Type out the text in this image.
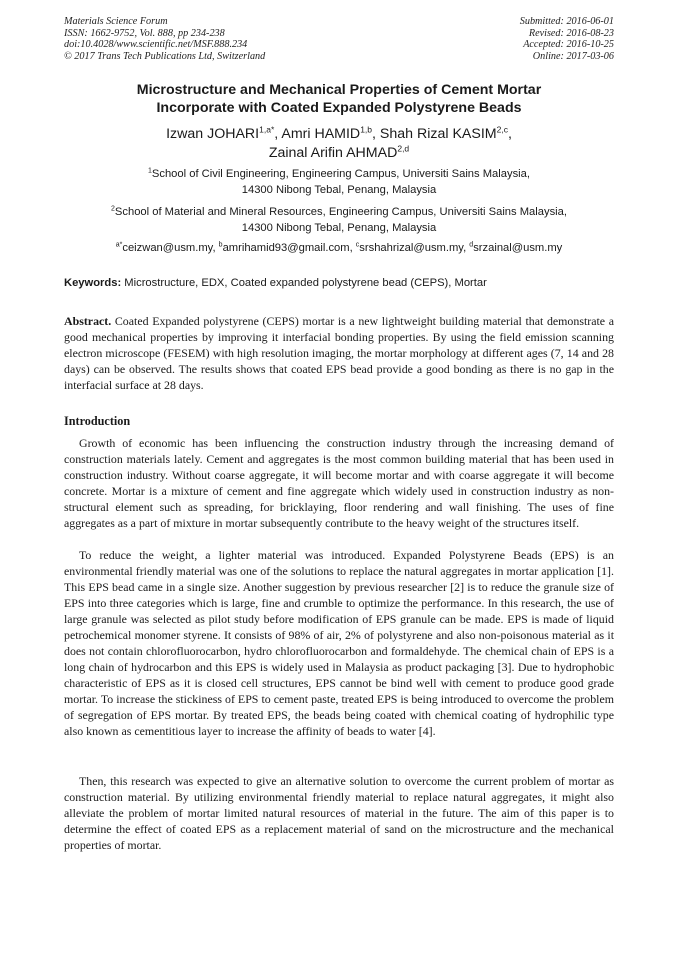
Materials Science Forum
ISSN: 1662-9752, Vol. 888, pp 234-238
doi:10.4028/www.scientific.net/MSF.888.234
© 2017 Trans Tech Publications Ltd, Switzerland
Submitted: 2016-06-01
Revised: 2016-08-23
Accepted: 2016-10-25
Online: 2017-03-06
Microstructure and Mechanical Properties of Cement Mortar
Incorporate with Coated Expanded Polystyrene Beads
Izwan $JOHARI^{1,a*}$, Amri HAMID$^{1,b}$, Shah Rizal KASIM$^{2,c}$,
Zainal Arifin AHMAD$^{2,d}$
$^1$School of Civil Engineering, Engineering Campus, Universiti Sains Malaysia,
14300 Nibong Tebal, Penang, Malaysia
$^2$School of Material and Mineral Resources, Engineering Campus, Universiti Sains Malaysia,
14300 Nibong Tebal, Penang, Malaysia
$^{a*}$ceizwan@usm.my, $^b$amrihamid93@gmail.com, $^c$srshahrizal@usm.my, $^d$srzainal@usm.my
Keywords: Microstructure, EDX, Coated expanded polystyrene bead (CEPS), Mortar
Abstract. Coated Expanded polystyrene (CEPS) mortar is a new lightweight building material that demonstrate a good mechanical properties by improving it interfacial bonding properties. By using the field emission scanning electron microscope (FESEM) with high resolution imaging, the mortar morphology at different ages (7, 14 and 28 days) can be observed. The results shows that coated EPS bead provide a good bonding as there is no gap in the interfacial surface at 28 days.
Introduction

Growth of economic has been influencing the construction industry through the increasing demand of construction materials lately. Cement and aggregates is the most common building material that has been used in construction industry. Without coarse aggregate, it will become mortar and with coarse aggregate it will become concrete. Mortar is a mixture of cement and fine aggregate which widely used in construction industry as non-structural element such as spreading, for bricklaying, floor rendering and wall finishing. The uses of fine aggregates as a part of mixture in mortar subsequently contribute to the heavy weight of the structures itself.

To reduce the weight, a lighter material was introduced. Expanded Polystyrene Beads (EPS) is an environmental friendly material was one of the solutions to replace the natural aggregates in mortar application [1]. This EPS bead came in a single size. Another suggestion by previous researcher [2] is to reduce the granule size of EPS into three categories which is large, fine and crumble to optimize the performance. In this research, the use of large granule was selected as pilot study before modification of EPS granule can be made. EPS is made of liquid petrochemical monomer styrene. It consists of 98% of air, 2% of polystyrene and also non-poisonous material as it does not contain chlorofluorocarbon, hydro chlorofluorocarbon and formaldehyde. The chemical chain of EPS is a long chain of hydrocarbon and this EPS is widely used in Malaysia as product packaging [3]. Due to hydrophobic characteristic of EPS as it is closed cell structures, EPS cannot be bind well with cement to produce good grade mortar. To increase the stickiness of EPS to cement paste, treated EPS is being introduced to overcome the problem of segregation of EPS mortar. By treated EPS, the beads being coated with chemical coating of hydrophilic type also known as cementitious layer to increase the affinity of beads to water [4].

Then, this research was expected to give an alternative solution to overcome the current problem of mortar as construction material. By utilizing environmental friendly material to replace natural aggregates, it might also alleviate the problem of mortar limited natural resources of material in the future. The aim of this paper is to determine the effect of coated EPS as a replacement material of sand on the microstructure and the mechanical properties of mortar.
